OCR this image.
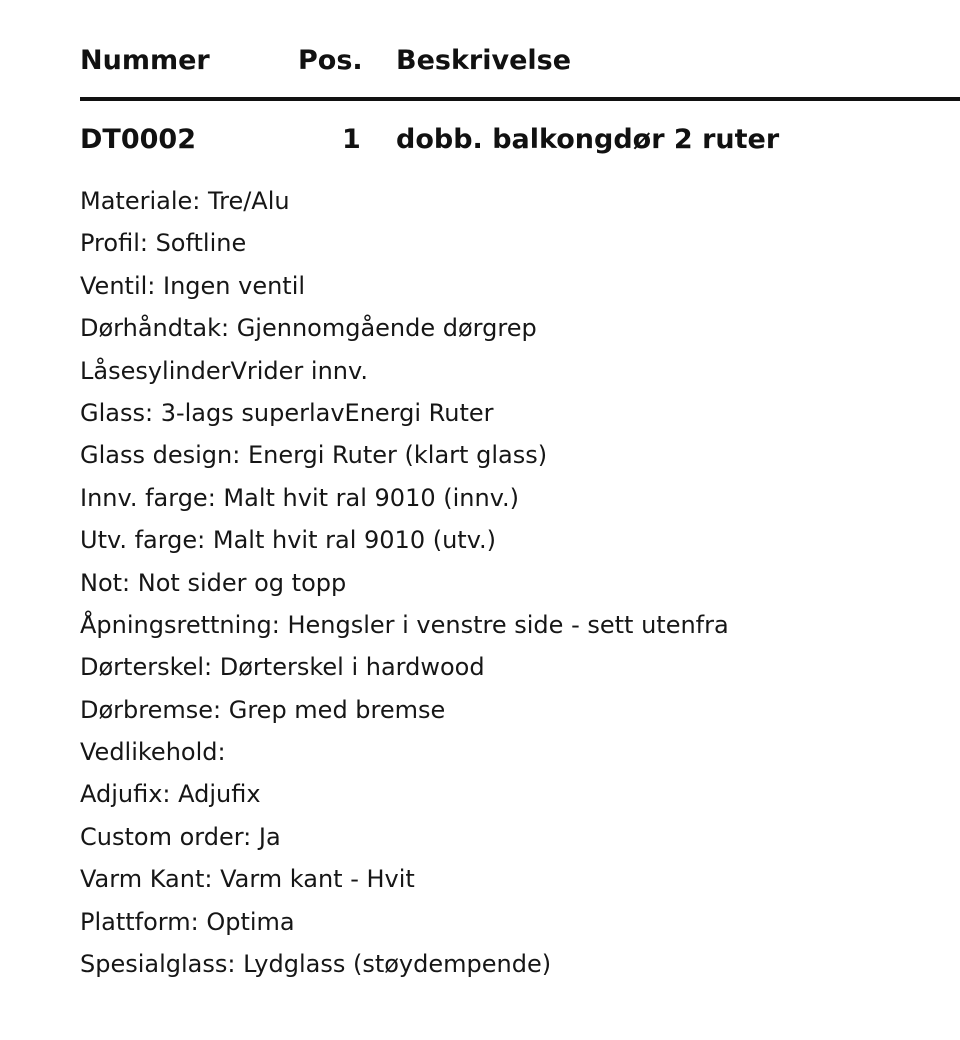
Nummer	Pos. Beskrivelse
DT0002	1 dobb. balkongdør 2 ruter
Materiale: Tre/Alu
Profil: Softline
Ventil: Ingen ventil
Dørhåndtak: Gjennomgående dørgrep
LåsesylinderVrider innv.
Glass: 3-lags superlavEnergi Ruter
Glass design: Energi Ruter (klart glass)
Innv. farge: Malt hvit ral 9010 (innv.)
Utv. farge: Malt hvit ral 9010 (utv.)
Not: Not sider og topp
Åpningsrettning: Hengsler i venstre side - sett utenfra
Dørterskel: Dørterskel i hardwood
Dørbremse: Grep med bremse
Vedlikehold:
Adjufix: Adjufix
Custom order: Ja
Varm Kant: Varm kant - Hvit
Plattform: Optima
Spesialglass: Lydglass (støydempende)
